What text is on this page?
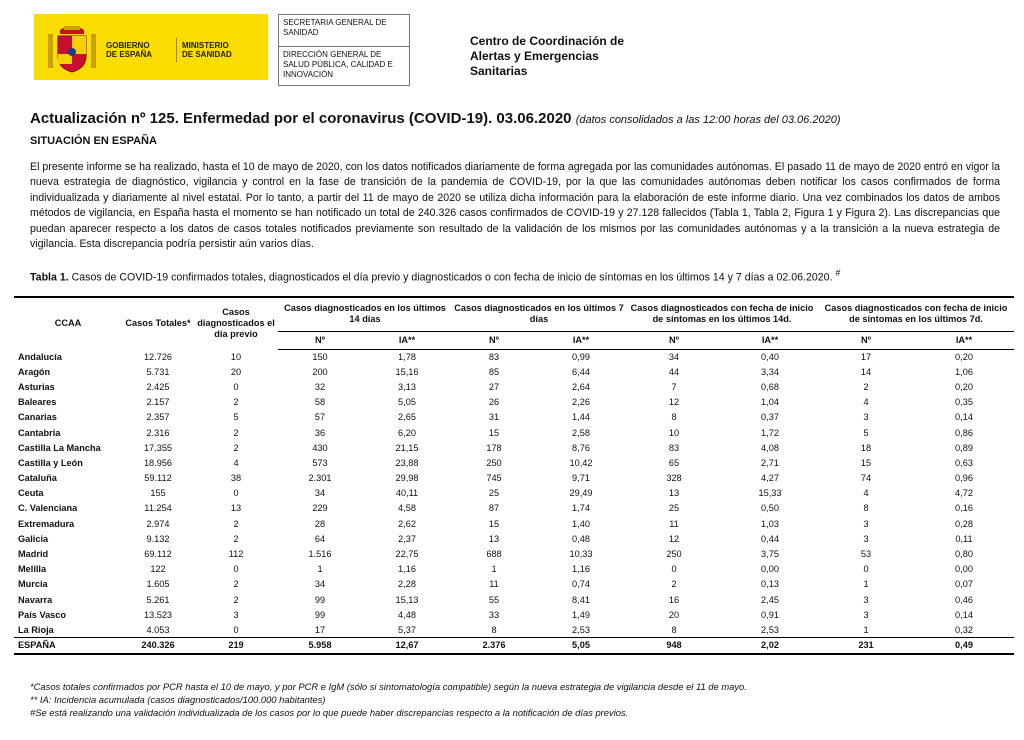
GOBIERNO
DE ESPAÑA
MINISTERIO
DE SANIDAD
SECRETARIA GENERAL DE SANIDAD
DIRECCIÓN GENERAL DE SALUD PÚBLICA, CALIDAD E INNOVACIÓN
Centro de Coordinación de
Alertas y Emergencias
Sanitarias
Actualización nº 125. Enfermedad por el coronavirus (COVID-19). 03.06.2020 (datos consolidados a las 12:00 horas del 03.06.2020)
SITUACIÓN EN ESPAÑA
El presente informe se ha realizado, hasta el 10 de mayo de 2020, con los datos notificados diariamente de forma agregada por las comunidades autónomas. El pasado 11 de mayo de 2020 entró en vigor la nueva estrategia de diagnóstico, vigilancia y control en la fase de transición de la pandemia de COVID-19, por la que las comunidades autónomas deben notificar los casos confirmados de forma individualizada y diariamente al nivel estatal. Por lo tanto, a partir del 11 de mayo de 2020 se utiliza dicha información para la elaboración de este informe diario. Una vez combinados los datos de ambos métodos de vigilancia, en España hasta el momento se han notificado un total de 240.326 casos confirmados de COVID-19 y 27.128 fallecidos (Tabla 1, Tabla 2, Figura 1 y Figura 2). Las discrepancias que puedan aparecer respecto a los datos de casos totales notificados previamente son resultado de la validación de los mismos por las comunidades autónomas y a la transición a la nueva estrategia de vigilancia. Esta discrepancia podría persistir aún varios días.
Tabla 1. Casos de COVID-19 confirmados totales, diagnosticados el día previo y diagnosticados o con fecha de inicio de síntomas en los últimos 14 y 7 días a 02.06.2020. #
CCAA	Casos Totales*	Casos diagnosticados el día previo	Casos diagnosticados en los últimos 14 días		Casos diagnosticados en los últimos 7 días		Casos diagnosticados con fecha de inicio de síntomas en los últimos 14d.		Casos diagnosticados con fecha de inicio de síntomas en los últimos 7d.	
			Nº	IA**	Nº	IA**	Nº	IA**	Nº	IA**
Andalucía	12.726	10	150	1,78	83	0,99	34	0,40	17	0,20
Aragón	5.731	20	200	15,16	85	6,44	44	3,34	14	1,06
Asturias	2.425	0	32	3,13	27	2,64	7	0,68	2	0,20
Baleares	2.157	2	58	5,05	26	2,26	12	1,04	4	0,35
Canarias	2.357	5	57	2,65	31	1,44	8	0,37	3	0,14
Cantabria	2.316	2	36	6,20	15	2,58	10	1,72	5	0,86
Castilla La Mancha	17.355	2	430	21,15	178	8,76	83	4,08	18	0,89
Castilla y León	18.956	4	573	23,88	250	10,42	65	2,71	15	0,63
Cataluña	59.112	38	2.301	29,98	745	9,71	328	4,27	74	0,96
Ceuta	155	0	34	40,11	25	29,49	13	15,33	4	4,72
C. Valenciana	11.254	13	229	4,58	87	1,74	25	0,50	8	0,16
Extremadura	2.974	2	28	2,62	15	1,40	11	1,03	3	0,28
Galicia	9.132	2	64	2,37	13	0,48	12	0,44	3	0,11
Madrid	69.112	112	1.516	22,75	688	10,33	250	3,75	53	0,80
Melilla	122	0	1	1,16	1	1,16	0	0,00	0	0,00
Murcia	1.605	2	34	2,28	11	0,74	2	0,13	1	0,07
Navarra	5.261	2	99	15,13	55	8,41	16	2,45	3	0,46
País Vasco	13.523	3	99	4,48	33	1,49	20	0,91	3	0,14
La Rioja	4.053	0	17	5,37	8	2,53	8	2,53	1	0,32
ESPAÑA	240.326	219	5.958	12,67	2.376	5,05	948	2,02	231	0,49
*Casos totales confirmados por PCR hasta el 10 de mayo, y por PCR e IgM (sólo si sintomatología compatible) según la nueva estrategia de vigilancia desde el 11 de mayo.
** IA: Incidencia acumulada (casos diagnosticados/100.000 habitantes)
#Se está realizando una validación individualizada de los casos por lo que puede haber discrepancias respecto a la notificación de días previos.
